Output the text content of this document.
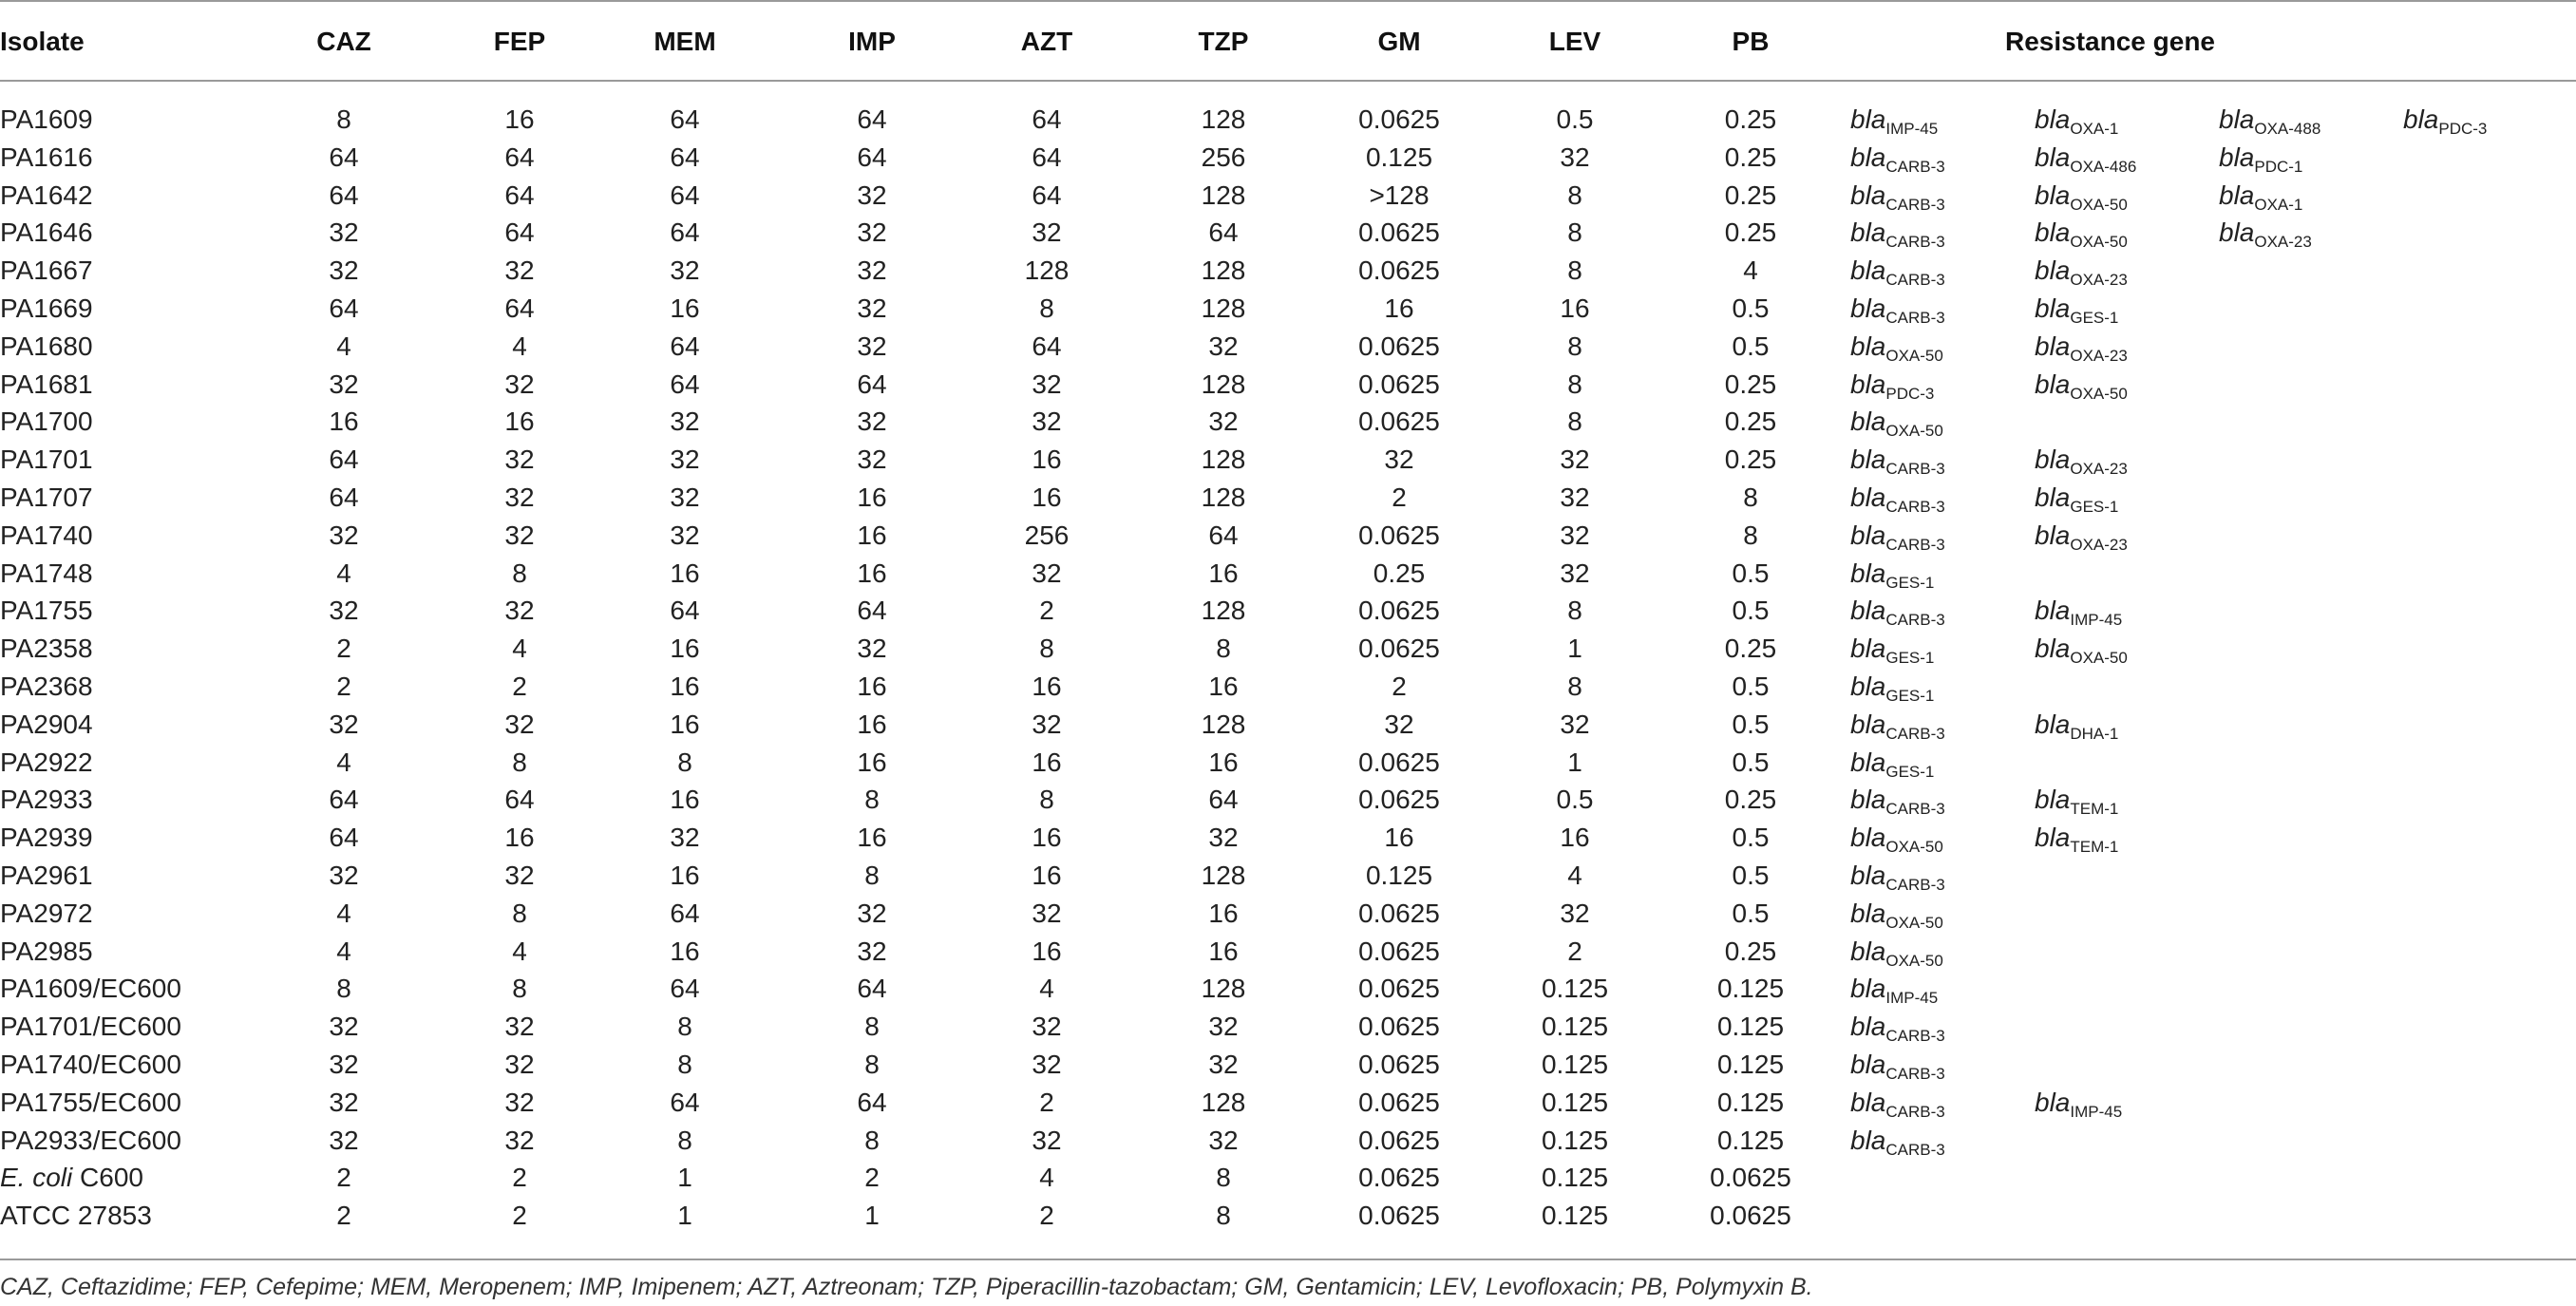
Isolate	CAZ	FEP	MEM	IMP	AZT	TZP	GM	LEV	PB	Resistance gene
PA1609	8	16	64	64	64	128	0.0625	0.5	0.25	bla$_{IMP-45}$	bla$_{OXA-1}$	bla$_{OXA-488}$	bla$_{PDC-3}$
PA1616	64	64	64	64	64	256	0.125	32	0.25	bla$_{CARB-3}$	bla$_{OXA-486}$	bla$_{PDC-1}$
PA1642	64	64	64	32	64	128	>128	8	0.25	bla$_{CARB-3}$	bla$_{OXA-50}$	bla$_{OXA-1}$
PA1646	32	64	64	32	32	64	0.0625	8	0.25	bla$_{CARB-3}$	bla$_{OXA-50}$	bla$_{OXA-23}$
PA1667	32	32	32	32	128	128	0.0625	8	4	bla$_{CARB-3}$	bla$_{OXA-23}$
PA1669	64	64	16	32	8	128	16	16	0.5	bla$_{CARB-3}$	bla$_{GES-1}$
PA1680	4	4	64	32	64	32	0.0625	8	0.5	bla$_{OXA-50}$	bla$_{OXA-23}$
PA1681	32	32	64	64	32	128	0.0625	8	0.25	bla$_{PDC-3}$	bla$_{OXA-50}$
PA1700	16	16	32	32	32	32	0.0625	8	0.25	bla$_{OXA-50}$
PA1701	64	32	32	32	16	128	32	32	0.25	bla$_{CARB-3}$	bla$_{OXA-23}$
PA1707	64	32	32	16	16	128	2	32	8	bla$_{CARB-3}$	bla$_{GES-1}$
PA1740	32	32	32	16	256	64	0.0625	32	8	bla$_{CARB-3}$	bla$_{OXA-23}$
PA1748	4	8	16	16	32	16	0.25	32	0.5	bla$_{GES-1}$
PA1755	32	32	64	64	2	128	0.0625	8	0.5	bla$_{CARB-3}$	bla$_{IMP-45}$
PA2358	2	4	16	32	8	8	0.0625	1	0.25	bla$_{GES-1}$	bla$_{OXA-50}$
PA2368	2	2	16	16	16	16	2	8	0.5	bla$_{GES-1}$
PA2904	32	32	16	16	32	128	32	32	0.5	bla$_{CARB-3}$	bla$_{DHA-1}$
PA2922	4	8	8	16	16	16	0.0625	1	0.5	bla$_{GES-1}$
PA2933	64	64	16	8	8	64	0.0625	0.5	0.25	bla$_{CARB-3}$	bla$_{TEM-1}$
PA2939	64	16	32	16	16	32	16	16	0.5	bla$_{OXA-50}$	bla$_{TEM-1}$
PA2961	32	32	16	8	16	128	0.125	4	0.5	bla$_{CARB-3}$
PA2972	4	8	64	32	32	16	0.0625	32	0.5	bla$_{OXA-50}$
PA2985	4	4	16	32	16	16	0.0625	2	0.25	bla$_{OXA-50}$
PA1609/EC600	8	8	64	64	4	128	0.0625	0.125	0.125	bla$_{IMP-45}$
PA1701/EC600	32	32	8	8	32	32	0.0625	0.125	0.125	bla$_{CARB-3}$
PA1740/EC600	32	32	8	8	32	32	0.0625	0.125	0.125	bla$_{CARB-3}$
PA1755/EC600	32	32	64	64	2	128	0.0625	0.125	0.125	bla$_{CARB-3}$	bla$_{IMP-45}$
PA2933/EC600	32	32	8	8	32	32	0.0625	0.125	0.125	bla$_{CARB-3}$
E. coli C600	2	2	1	2	4	8	0.0625	0.125	0.0625
ATCC 27853	2	2	1	1	2	8	0.0625	0.125	0.0625
CAZ, Ceftazidime; FEP, Cefepime; MEM, Meropenem; IMP, Imipenem; AZT, Aztreonam; TZP, Piperacillin-tazobactam; GM, Gentamicin; LEV, Levofloxacin; PB, Polymyxin B.
